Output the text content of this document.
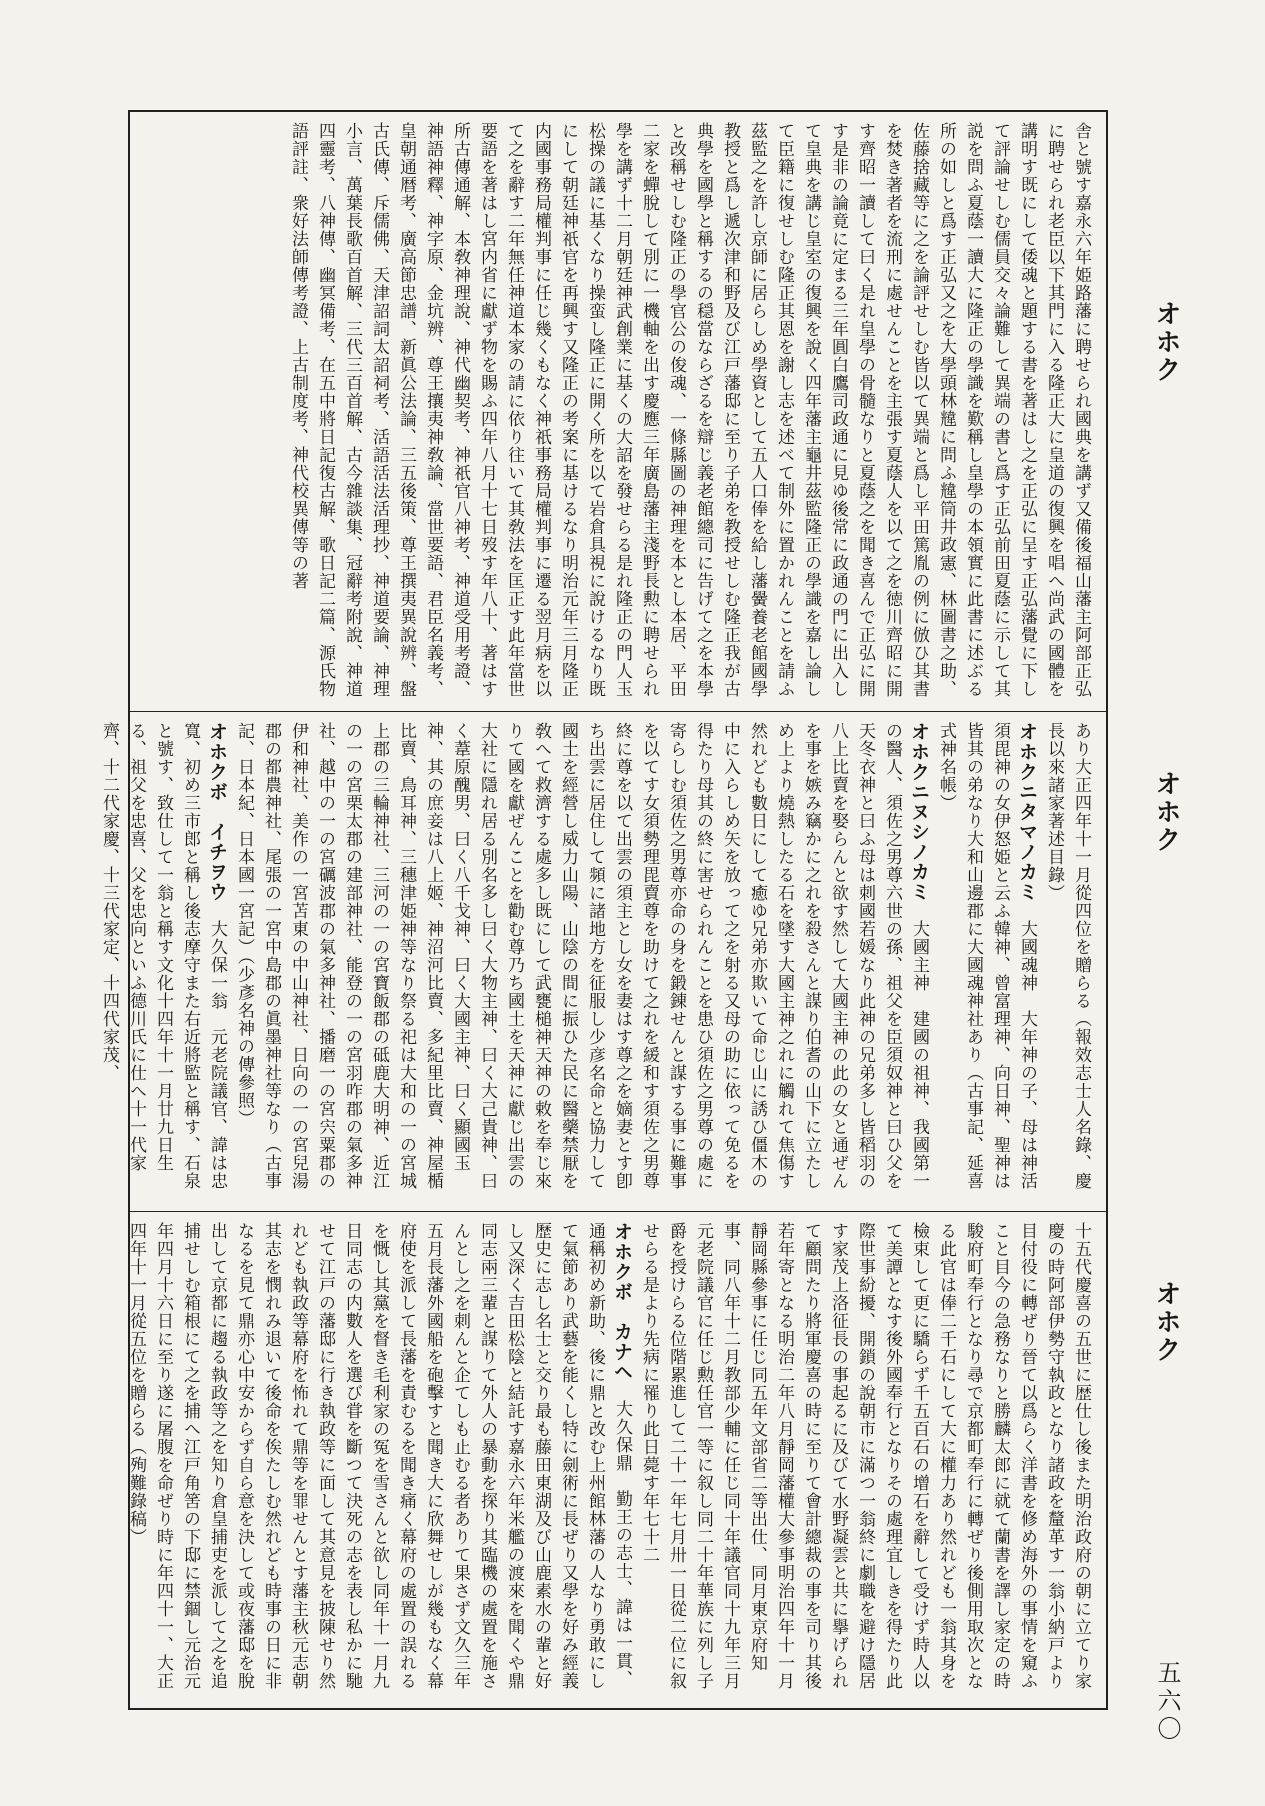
オホク
オホク
オホク
五六〇
舎と號す嘉永六年姫路藩に聘せられ國典を講ず又備後福山藩主阿部正弘に聘せられ老臣以下其門に入る隆正大に皇道の復興を唱へ尚武の國體を講明す既にして倭魂と題する書を著はし之を正弘に呈す正弘藩覺に下して評論せしむ儒員交々論難して異端の書と爲す正弘前田夏蔭に示して其説を問ふ夏蔭一讀大に隆正の學識を歎稱し皇學の本領實に此書に述ぶる所の如しと爲す正弘又之を大學頭林韑に問ふ韑筒井政憲、林圖書之助、佐藤捨藏等に之を論評せしむ皆以て異端と爲し平田篤胤の例に倣ひ其書を焚き著者を流刑に處せんことを主張す夏蔭人を以て之を徳川齊昭に開す齊昭一讀して曰く是れ皇學の骨髓なりと夏蔭之を聞き喜んで正弘に開す是非の論竟に定まる三年圓白鷹司政通に見ゆ後常に政通の門に出入して皇典を講じ皇室の復興を說く四年藩主龜井茲監隆正の學識を嘉し論して臣籍に復せしむ隆正其恩を謝し志を述べて制外に置かれんことを請ふ茲監之を許し京師に居らしめ學資として五人口俸を給し藩黌養老館國學教授と爲し遞次津和野及び江戸藩邸に至り子弟を教授せしむ隆正我が古典學を國學と稱するの穏當ならざるを辯じ義老館總司に告げて之を本學と改稱せしむ隆正の學官公の俊魂、一條縣圖の神理を本とし本居、平田二家を蟬脫して別に一機軸を出す慶應三年廣島藩主淺野長勲に聘せられ學を講ず十二月朝廷神武創業に基くの大詔を發せらる是れ隆正の門人玉松操の議に基くなり操蛮し隆正に開く所を以て岩倉具視に說けるなり既にして朝廷神祇官を再興す又隆正の考案に基けるなり明治元年三月隆正内國事務局權判事に任じ幾くもなく神祇事務局權判事に遷る翌月病を以て之を辭す二年無任神道本家の請に依り往いて其敎法を匡正す此年當世要語を著はし宮内省に獻ず物を賜ふ四年八月十七日歿す年八十、著はす所古傳通解、本敎神理說、神代幽契考、神祇官八神考、神道受用考證、神語神釋、神字原、金坑辨、尊王攘夷神敎論、當世要語、君臣名義考、皇朝通暦考、廣高節忠譜、新眞公法論、三五後策、尊王撰夷異說辨、盤古氏傳、斥儒佛、天津詔詞太詔祠考、活語活法活理抄、神道要論、神理小言、萬葉長歌百首解、三代三百首解、古今雜談集、冠辭考附說、神道四靈考、八神傳、幽冥備考、在五中將日記復古解、歌日記二篇、源氏物語評註、衆好法師傳考證、上古制度考、神代校異傳等の著
あり大正四年十一月從四位を贈らる（報效志士人名錄、慶長以來諸家著述目錄）
オホクニタマノカミ　大國魂神　大年神の子、母は神活須毘神の女伊怒姫と云ふ韓神、曾富理神、向日神、聖神は皆其の弟なり大和山邊郡に大國魂神社あり（古事記、延喜式神名帳）
オホクニヌシノカミ　大國主神　建國の祖神、我國第一の醫人、須佐之男尊六世の孫、祖父を臣須奴神と曰ひ父を天冬衣神と曰ふ母は刺國若媛なり此神の兄弟多し皆稻羽の八上比賣を娶らんと欲す然して大國主神の此の女と通ぜんを事を嫉み竊かに之れを殺さんと謀り伯耆の山下に立たしめ上より燒熱したる石を墜す大國主神之れに觸れて焦傷す然れども數日にして癒ゆ兄弟亦欺いて命じ山に誘ひ僵木の中に入らしめ矢を放って之を射る又母の助に依って免るを得たり母其の終に害せられんことを患ひ須佐之男尊の處に寄らしむ須佐之男尊亦命の身を鍛錬せんと謀する事に難事を以てす女須勢理毘賣尊を助けて之れを緩和す須佐之男尊終に尊を以て出雲の須主とし女を妻はす尊之を嫡妻とす卽ち出雲に居住して頻に諸地方を征服し少彦名命と協力して國土を經營し威力山陽、山陰の間に振ひた民に醫藥禁厭を敎へて救濟する處多し既にして武甕槌神天神の敕を奉じ來りて國を獻ぜんことを勸む尊乃ち國土を天神に獻じ出雲の大社に隱れ居る別名多し曰く大物主神、曰く大己貴神、曰く葦原醜男、曰く八千戈神、曰く大國主神、曰く顯國玉神、其の庶妾は八上姬、神沼河比賣、多紀里比賣、神屋楯比賣、鳥耳神、三穗津姫神等なり祭る祀は大和の一の宮城上郡の三輪神社、三河の一の宮寶飯郡の砥鹿大明神、近江の一の宮栗太郡の建部神社、能登の一の宮羽咋郡の氣多神社、越中の一の宮礪波郡の氣多神社、播磨一の宮宍粟郡の伊和神社、美作の一宮苫東の中山神社、日向の一の宮兒湯郡の都農神社、尾張の一宮中島郡の眞墨神社等なり（古事記、日本紀、日本國一宮記）（少彥名神の傳參照）
オホクボ　イチヲウ　大久保一翁　元老院議官、諱は忠寬、初め三市郎と稱し後志摩守また右近將監と稱す、石泉と號す、致仕して一翁と稱す文化十四年十一月廿九日生る、祖父を忠喜、父を忠向といふ德川氏に仕へ十一代家齊、十二代家慶、十三代家定、十四代家茂、
十五代慶喜の五世に歴仕し後また明治政府の朝に立てり家慶の時阿部伊勢守執政となり諸政を釐革す一翁小納戸より目付役に轉ぜり晉て以爲らく洋書を修め海外の事情を窺ふこと目今の急務なりと勝麟太郎に就て蘭書を譯し家定の時駿府町奉行となり尋で京都町奉行に轉ぜり後側用取次となる此官は俸二千石にして大に權力あり然れども一翁其身を檢束して更に驕らず千五百石の增石を辭して受けず時人以て美譚となす後外國奉行となりその處理宜しきを得たり此際世事紛擾、開鎖の說朝市に滿つ一翁終に劇職を避け隱居す家茂上洛征長の事起るに及びて水野凝雲と共に擧げられて顧問たり將軍慶喜の時に至りて會計總裁の事を司り其後若年寄となる明治二年八月靜岡藩權大參事明治四年十一月靜岡縣參事に任じ同五年文部省二等出仕、同月東京府知事、同八年十二月教部少輔に任じ同十年議官同十九年三月元老院議官に任じ勲任官一等に叙し同二十年華族に列し子爵を授けらる位階累進して二十一年七月卅一日從二位に叙せらる是より先病に罹り此日薨す年七十二
オホクボ　カナヘ　大久保鼎　勤王の志士、諱は一貫、通稱初め新助、後に鼎と改む上州館林藩の人なり勇敢にして氣節あり武藝を能くし特に劍術に長ぜり又學を好み經義歷史に志し名士と交り最も藤田東湖及び山鹿素水の輩と好し又深く吉田松陰と結託す嘉永六年米艦の渡來を聞くや鼎同志兩三輩と謀りて外人の暴動を探り其臨機の處置を施さんとし之を刺んと企てしも止むる者ありて果さず文久三年五月長藩外國船を砲擊すと聞き大に欣舞せしが幾もなく幕府使を派して長藩を責むるを聞き痛く幕府の處置の誤れるを慨し其黨を督き毛利家の冤を雪さんと欲し同年十一月九日同志の内數人を選び甞を斷つて決死の志を表し私かに馳せて江戸の藩邸に行き執政等に面して其意見を披陳せり然れども執政等幕府を怖れて鼎等を罪せんとす藩主秋元志朝其志を憫れみ退いて後命を俟たしむ然れども時事の日に非なるを見て鼎亦心中安からず自ら意を決して或夜藩邸を脫出して京都に趨る執政等之を知り倉皇捕吏を派して之を追捕せしむ箱根にて之を捕へ江戸角筈の下邸に禁錮し元治元年四月十六日に至り遂に屠腹を命ぜり時に年四十一、大正四年十一月從五位を贈らる（殉難錄稿）
